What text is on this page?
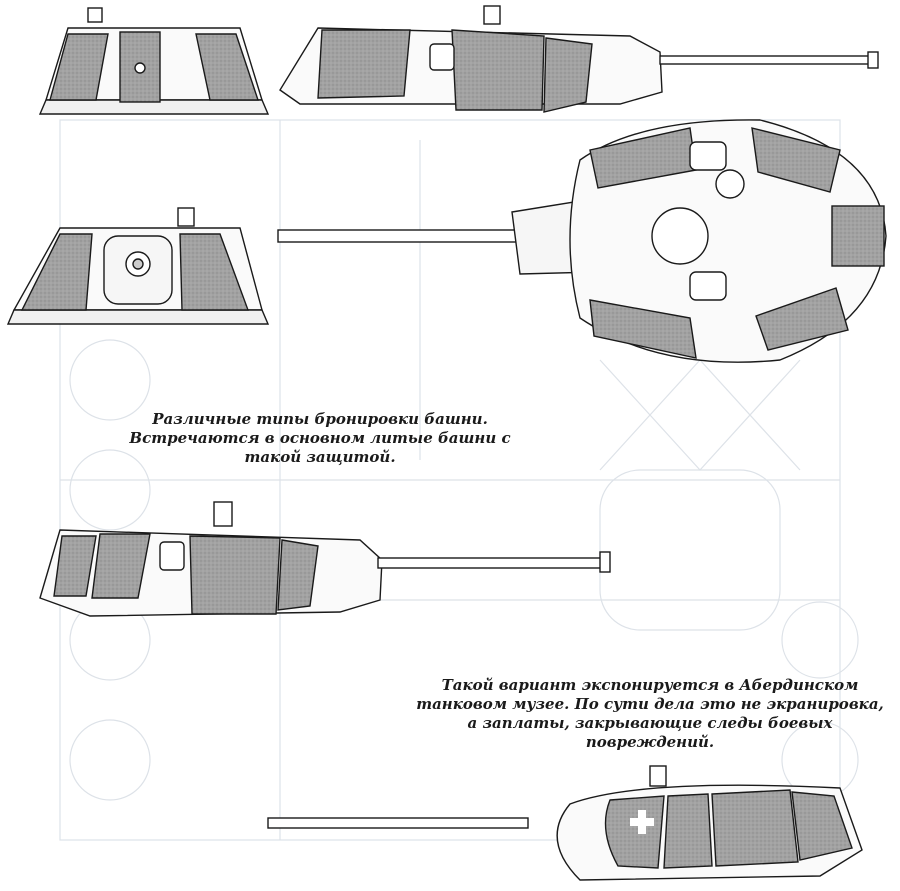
Различные типы бронировки башни.
Встречаются в основном литые башни с такой защитой.
Такой вариант экспонируется в Абердинском
танковом музее. По сути дела это не экранировка,
а заплаты, закрывающие следы боевых повреждений.
